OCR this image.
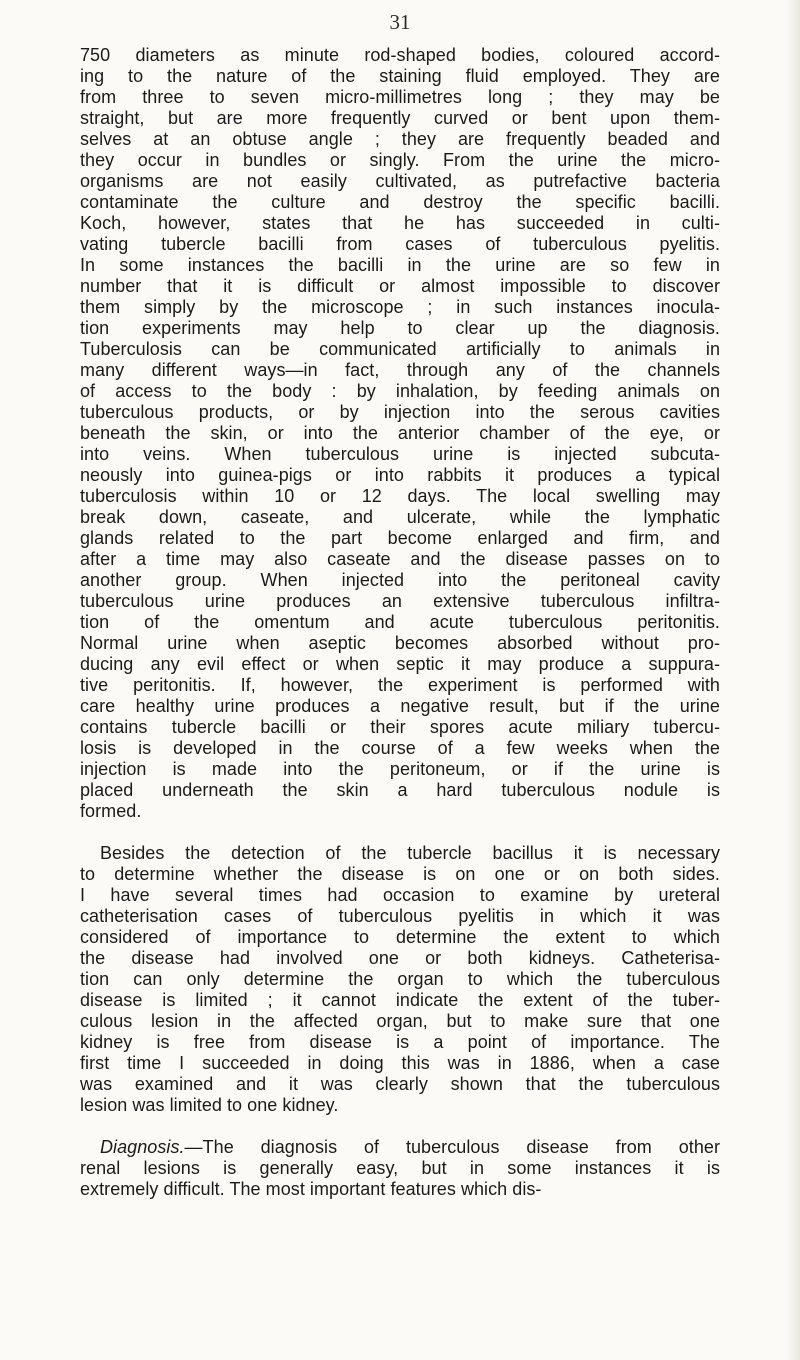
31
750 diameters as minute rod-shaped bodies, coloured accord-
ing to the nature of the staining fluid employed. They are
from three to seven micro-millimetres long ; they may be
straight, but are more frequently curved or bent upon them-
selves at an obtuse angle ; they are frequently beaded and
they occur in bundles or singly. From the urine the micro-
organisms are not easily cultivated, as putrefactive bacteria
contaminate the culture and destroy the specific bacilli.
Koch, however, states that he has succeeded in culti-
vating tubercle bacilli from cases of tuberculous pyelitis.
In some instances the bacilli in the urine are so few in
number that it is difficult or almost impossible to discover
them simply by the microscope ; in such instances inocula-
tion experiments may help to clear up the diagnosis.
Tuberculosis can be communicated artificially to animals in
many different ways—in fact, through any of the channels
of access to the body : by inhalation, by feeding animals on
tuberculous products, or by injection into the serous cavities
beneath the skin, or into the anterior chamber of the eye, or
into veins. When tuberculous urine is injected subcuta-
neously into guinea-pigs or into rabbits it produces a typical
tuberculosis within 10 or 12 days. The local swelling may
break down, caseate, and ulcerate, while the lymphatic
glands related to the part become enlarged and firm, and
after a time may also caseate and the disease passes on to
another group. When injected into the peritoneal cavity
tuberculous urine produces an extensive tuberculous infiltra-
tion of the omentum and acute tuberculous peritonitis.
Normal urine when aseptic becomes absorbed without pro-
ducing any evil effect or when septic it may produce a suppura-
tive peritonitis. If, however, the experiment is performed with
care healthy urine produces a negative result, but if the urine
contains tubercle bacilli or their spores acute miliary tubercu-
losis is developed in the course of a few weeks when the
injection is made into the peritoneum, or if the urine is
placed underneath the skin a hard tuberculous nodule is
formed.
Besides the detection of the tubercle bacillus it is necessary
to determine whether the disease is on one or on both sides.
I have several times had occasion to examine by ureteral
catheterisation cases of tuberculous pyelitis in which it was
considered of importance to determine the extent to which
the disease had involved one or both kidneys. Catheterisa-
tion can only determine the organ to which the tuberculous
disease is limited ; it cannot indicate the extent of the tuber-
culous lesion in the affected organ, but to make sure that one
kidney is free from disease is a point of importance. The
first time I succeeded in doing this was in 1886, when a case
was examined and it was clearly shown that the tuberculous
lesion was limited to one kidney.
Diagnosis.—The diagnosis of tuberculous disease from other
renal lesions is generally easy, but in some instances it is
extremely difficult. The most important features which dis-
